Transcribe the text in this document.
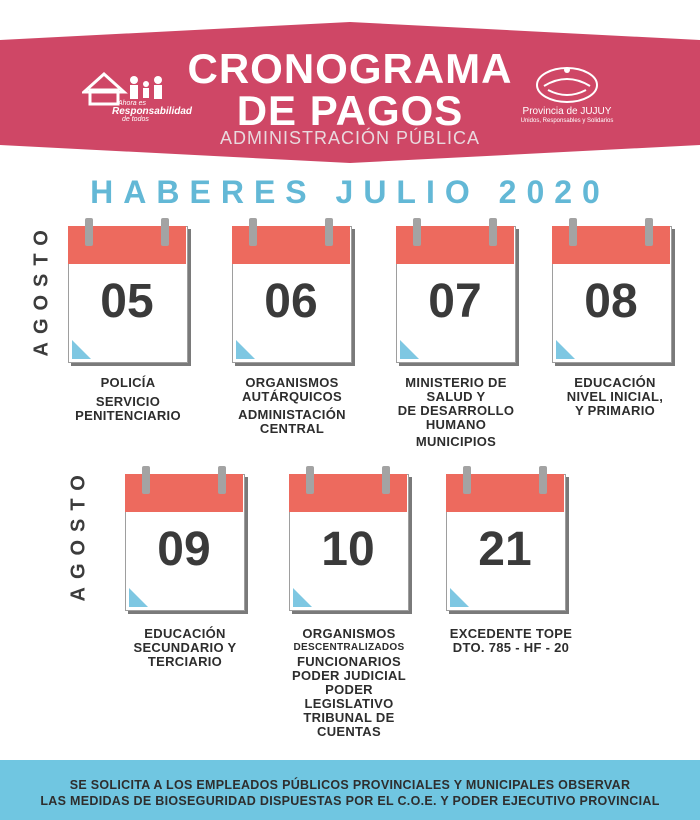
Ahora es
Responsabilidad
de todos
CRONOGRAMA
DE PAGOS
ADMINISTRACIÓN PÚBLICA
Provincia de JUJUY
Unidos, Responsables y Solidarios
HABERES JULIO 2020
AGOSTO
AGOSTO
05	06	07	08
POLICÍA
SERVICIO
PENITENCIARIO
ORGANISMOS
AUTÁRQUICOS
ADMINISTACIÓN
CENTRAL
MINISTERIO DE
SALUD Y
DE DESARROLLO
HUMANO
MUNICIPIOS
EDUCACIÓN
NIVEL INICIAL,
Y PRIMARIO
09	10	21
EDUCACIÓN
SECUNDARIO Y
TERCIARIO
ORGANISMOS
DESCENTRALIZADOS
FUNCIONARIOS
PODER JUDICIAL
PODER
LEGISLATIVO
TRIBUNAL DE
CUENTAS
EXCEDENTE TOPE
DTO. 785 - HF - 20
SE SOLICITA A LOS EMPLEADOS PÚBLICOS PROVINCIALES Y MUNICIPALES OBSERVAR
LAS MEDIDAS DE BIOSEGURIDAD DISPUESTAS POR EL C.O.E. Y PODER EJECUTIVO PROVINCIAL
